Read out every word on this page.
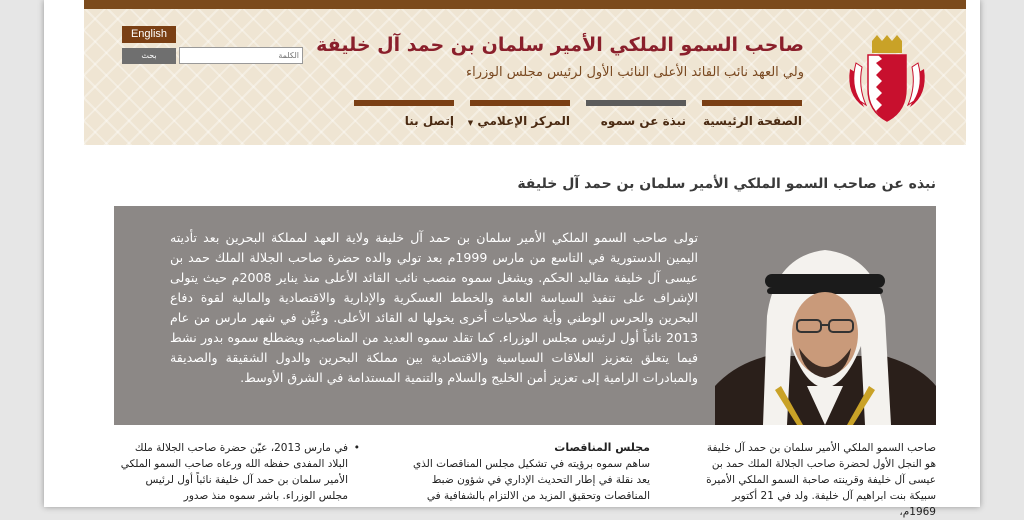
صاحب السمو الملكي الأمير سلمان بن حمد آل خليفة
ولي العهد نائب القائد الأعلى النائب الأول لرئيس مجلس الوزراء
English
الكلمة
بحث
الصفحة الرئيسية
نبذة عن سموه
المركز الإعلامي ▼
إتصل بنا
نبذه عن صاحب السمو الملكي الأمير سلمان بن حمد آل خليفة
تولى صاحب السمو الملكي الأمير سلمان بن حمد آل خليفة ولاية العهد لمملكة البحرين بعد تأديته اليمين الدستورية في التاسع من مارس 1999م بعد تولي والده حضرة صاحب الجلالة الملك حمد بن عيسى آل خليفة مقاليد الحكم. ويشغل سموه منصب نائب القائد الأعلى منذ يناير 2008م حيث يتولى الإشراف على تنفيذ السياسة العامة والخطط العسكرية والإدارية والاقتصادية والمالية لقوة دفاع البحرين والحرس الوطني وأية صلاحيات أخرى يخولها له القائد الأعلى. وعُيِّن في شهر مارس من عام 2013 نائباً أول لرئيس مجلس الوزراء. كما تقلد سموه العديد من المناصب، ويضطلع سموه بدور نشط فيما يتعلق بتعزيز العلاقات السياسية والاقتصادية بين مملكة البحرين والدول الشقيقة والصديقة والمبادرات الرامية إلى تعزيز أمن الخليج والسلام والتنمية المستدامة في الشرق الأوسط.
صاحب السمو الملكي الأمير سلمان بن حمد آل خليفة هو النجل الأول لحضرة صاحب الجلالة الملك حمد بن عيسى آل خليفة وقرينته صاحبة السمو الملكي الأميرة سبيكة بنت ابراهيم آل خليفة. ولد في 21 أكتوبر 1969م،
مجلس المناقصات
ساهم سموه برؤيته في تشكيل مجلس المناقصات الذي يعد نقلة في إطار التحديث الإداري في شؤون ضبط المناقصات وتحقيق المزيد من الالتزام بالشفافية في
• في مارس 2013، عيّن حضرة صاحب الجلالة ملك البلاد المفدى حفظه الله ورعاه صاحب السمو الملكي الأمير سلمان بن حمد آل خليفة نائباً أول لرئيس مجلس الوزراء. باشر سموه منذ صدور
